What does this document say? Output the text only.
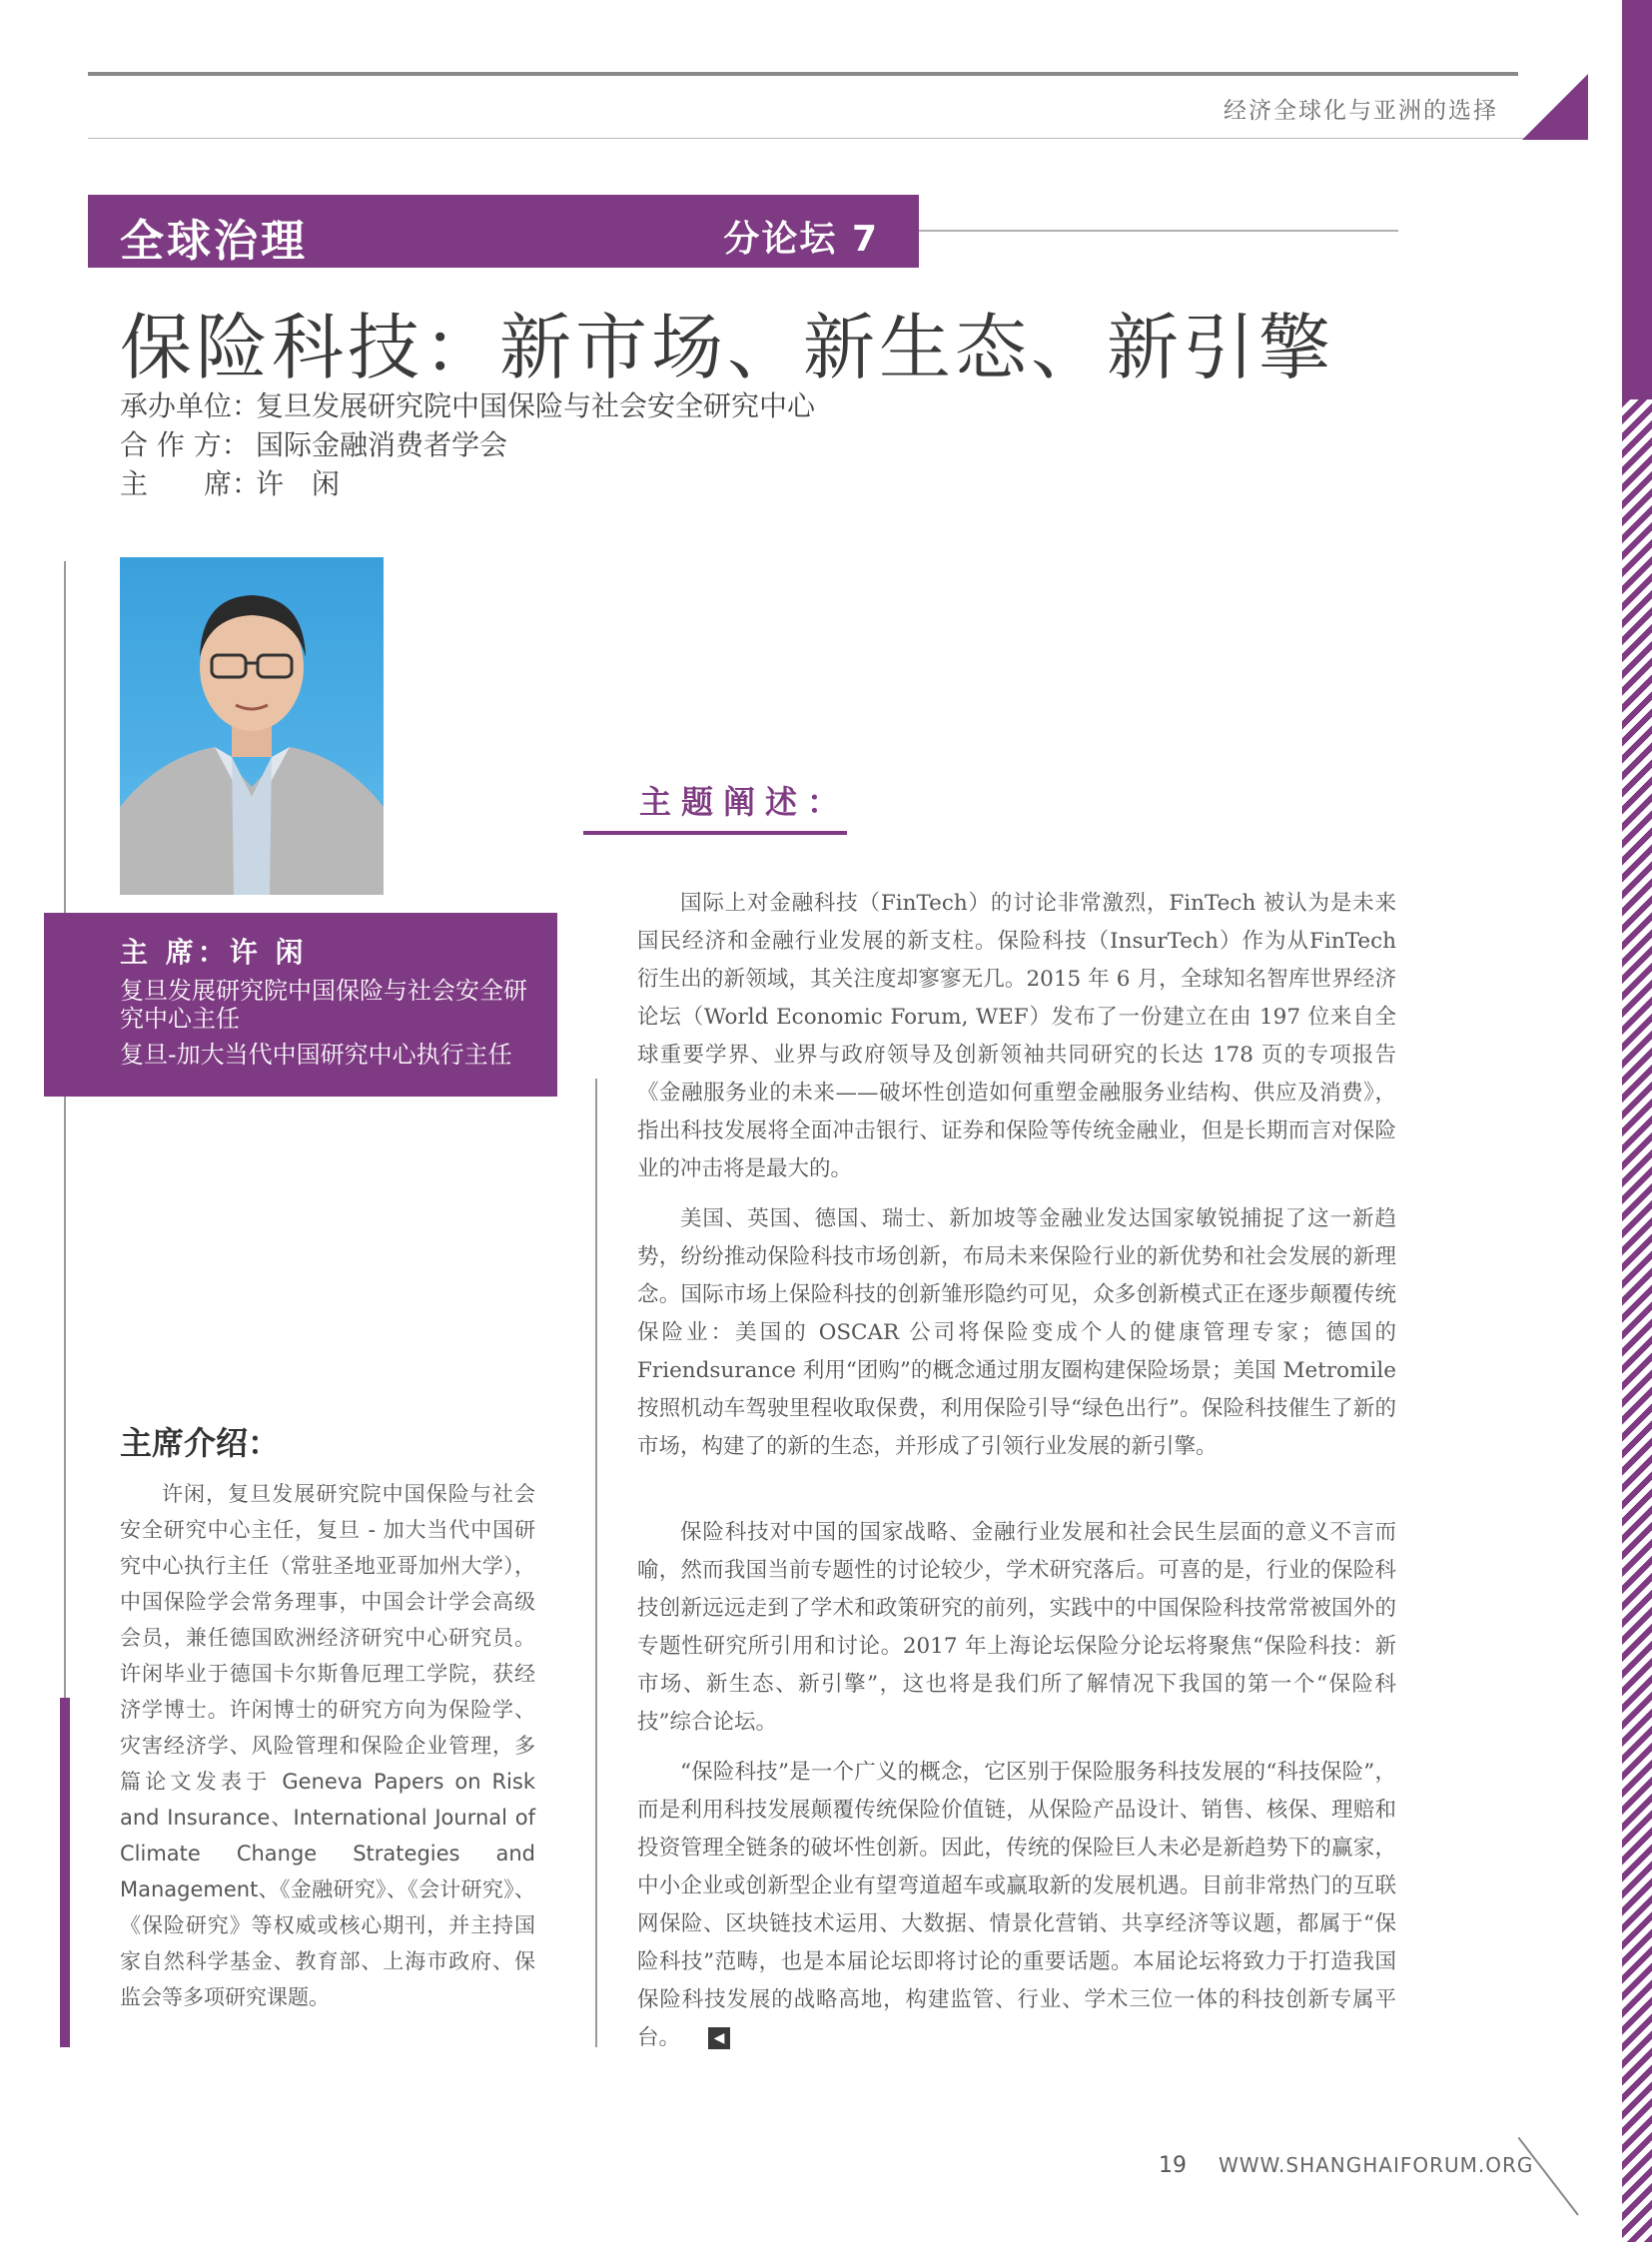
经济全球化与亚洲的选择
全球治理	分论坛 7
保险科技：新市场、新生态、新引擎
承办单位：复旦发展研究院中国保险与社会安全研究中心
合 作 方： 国际金融消费者学会
主　　席：许　闲
主 席：许 闲
复旦发展研究院中国保险与社会安全研究中心主任
复旦-加大当代中国研究中心执行主任
主题阐述：

国际上对金融科技（FinTech）的讨论非常激烈，FinTech 被认为是未来国民经济和金融行业发展的新支柱。保险科技（InsurTech）作为从FinTech 衍生出的新领域，其关注度却寥寥无几。2015 年 6 月，全球知名智库世界经济论坛（World Economic Forum, WEF）发布了一份建立在由 197 位来自全球重要学界、业界与政府领导及创新领袖共同研究的长达 178 页的专项报告《金融服务业的未来——破坏性创造如何重塑金融服务业结构、供应及消费》，指出科技发展将全面冲击银行、证券和保险等传统金融业，但是长期而言对保险业的冲击将是最大的。

美国、英国、德国、瑞士、新加坡等金融业发达国家敏锐捕捉了这一新趋势，纷纷推动保险科技市场创新，布局未来保险行业的新优势和社会发展的新理念。国际市场上保险科技的创新雏形隐约可见，众多创新模式正在逐步颠覆传统保险业：美国的 OSCAR 公司将保险变成个人的健康管理专家；德国的 Friendsurance 利用“团购”的概念通过朋友圈构建保险场景；美国 Metromile 按照机动车驾驶里程收取保费，利用保险引导“绿色出行”。保险科技催生了新的市场，构建了的新的生态，并形成了引领行业发展的新引擎。

保险科技对中国的国家战略、金融行业发展和社会民生层面的意义不言而喻，然而我国当前专题性的讨论较少，学术研究落后。可喜的是，行业的保险科技创新远远走到了学术和政策研究的前列，实践中的中国保险科技常常被国外的专题性研究所引用和讨论。2017 年上海论坛保险分论坛将聚焦“保险科技：新市场、新生态、新引擎”，这也将是我们所了解情况下我国的第一个“保险科技”综合论坛。

“保险科技”是一个广义的概念，它区别于保险服务科技发展的“科技保险”，而是利用科技发展颠覆传统保险价值链，从保险产品设计、销售、核保、理赔和投资管理全链条的破坏性创新。因此，传统的保险巨人未必是新趋势下的赢家，中小企业或创新型企业有望弯道超车或赢取新的发展机遇。目前非常热门的互联网保险、区块链技术运用、大数据、情景化营销、共享经济等议题，都属于“保险科技”范畴，也是本届论坛即将讨论的重要话题。本届论坛将致力于打造我国保险科技发展的战略高地，构建监管、行业、学术三位一体的科技创新专属平台。 ◀
主席介绍：

许闲，复旦发展研究院中国保险与社会安全研究中心主任，复旦 - 加大当代中国研究中心执行主任（常驻圣地亚哥加州大学），中国保险学会常务理事，中国会计学会高级会员，兼任德国欧洲经济研究中心研究员。许闲毕业于德国卡尔斯鲁厄理工学院，获经济学博士。许闲博士的研究方向为保险学、灾害经济学、风险管理和保险企业管理，多篇论文发表于 Geneva Papers on Risk and Insurance、International Journal of Climate Change Strategies and Management、《金融研究》、《会计研究》、《保险研究》等权威或核心期刊，并主持国家自然科学基金、教育部、上海市政府、保监会等多项研究课题。

19 WWW.SHANGHAIFORUM.ORG
